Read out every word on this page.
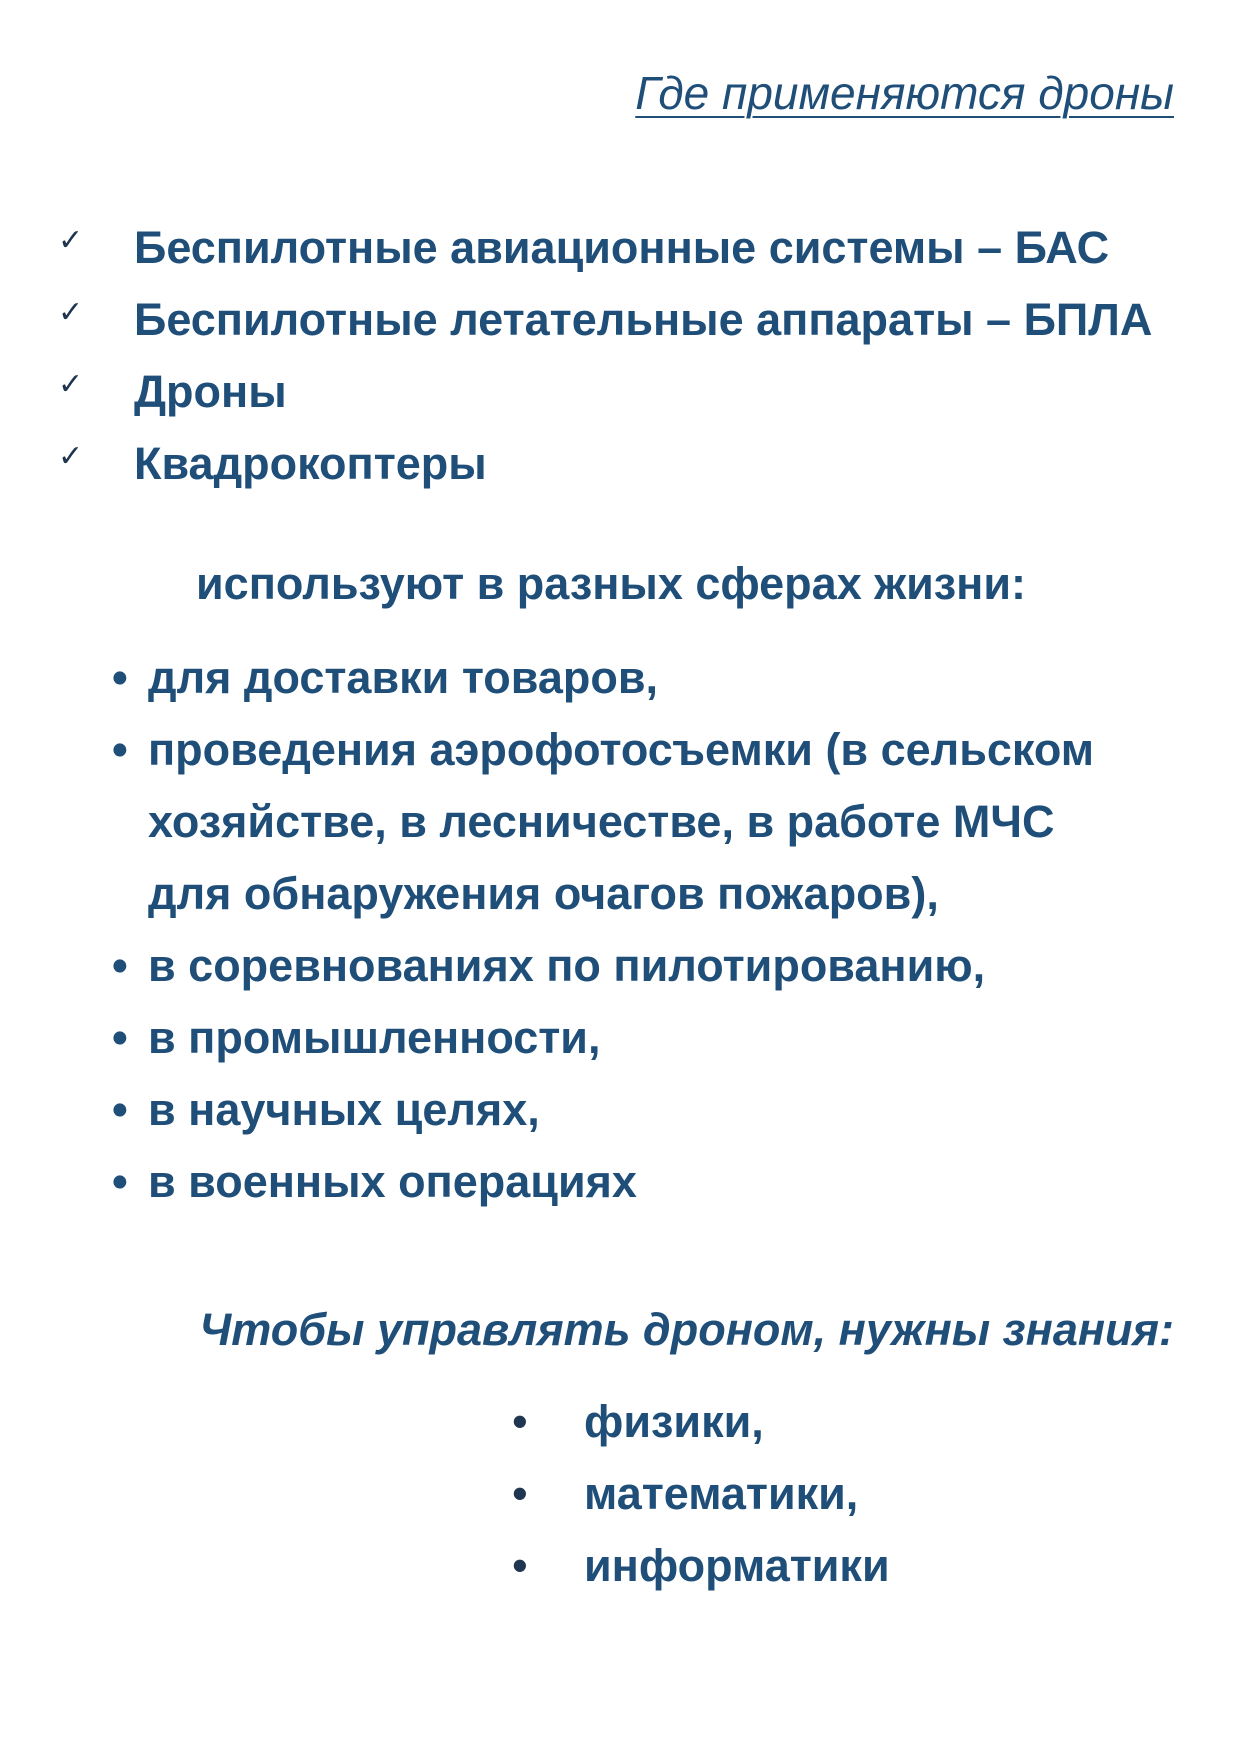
Где применяются дроны
✓	Беспилотные авиационные системы – БАС
✓	Беспилотные летательные аппараты – БПЛА
✓	Дроны
✓	Квадрокоптеры
используют в разных сферах жизни:
• для доставки товаров,
• проведения аэрофотосъемки (в сельском
хозяйстве, в лесничестве, в работе МЧС
для обнаружения очагов пожаров),
• в соревнованиях по пилотированию,
• в промышленности,
• в научных целях,
• в военных операциях
Чтобы управлять дроном, нужны знания:
•	физики,
•	математики,
•	информатики
